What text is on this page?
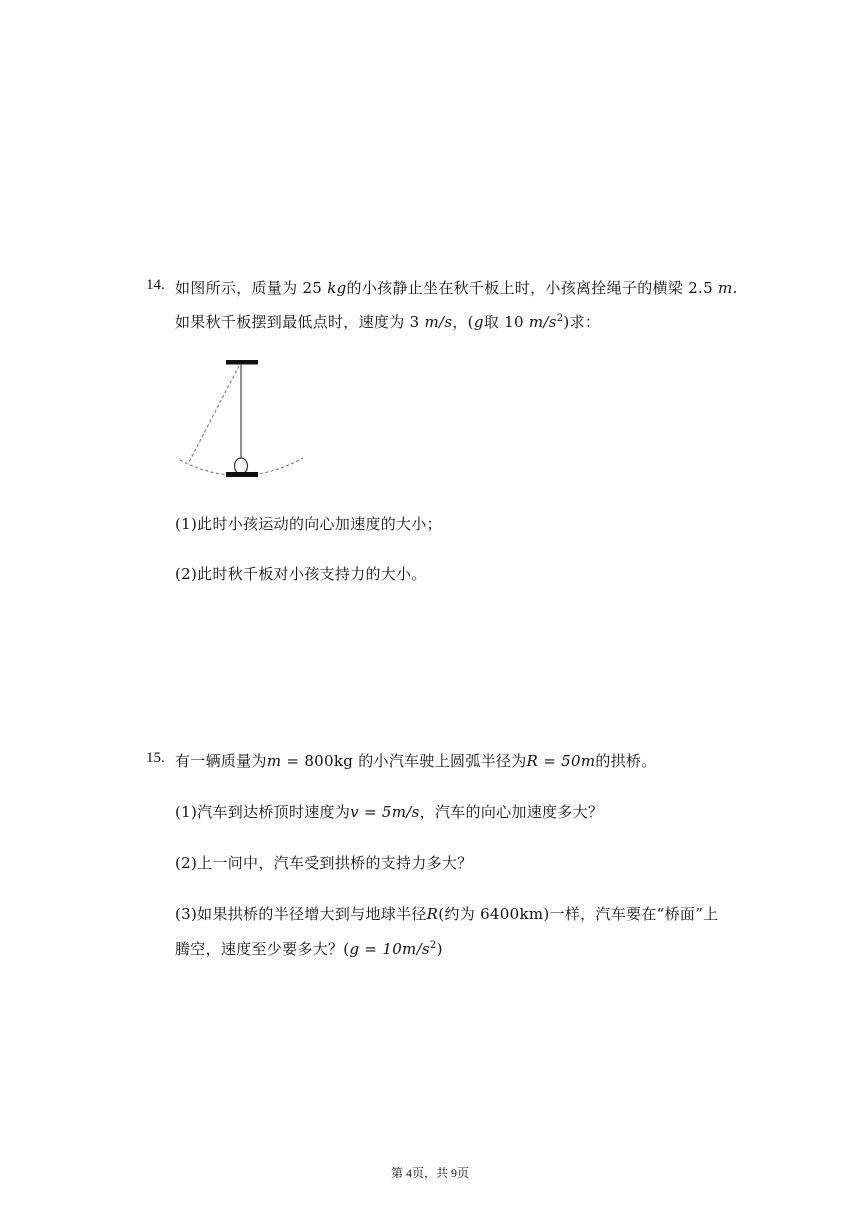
14. 如图所示，质量为 25 kg的小孩静止坐在秋千板上时，小孩离拴绳子的横梁 2.5 m.
如果秋千板摆到最低点时，速度为 3 m/s，(g取 10 $m/s^2$)求：
(1)此时小孩运动的向心加速度的大小；
(2)此时秋千板对小孩支持力的大小。
15. 有一辆质量为m = 800kg 的小汽车驶上圆弧半径为R = 50m的拱桥。
(1)汽车到达桥顶时速度为v = 5m/s，汽车的向心加速度多大？
(2)上一问中，汽车受到拱桥的支持力多大？
(3)如果拱桥的半径增大到与地球半径R(约为 6400km)一样，汽车要在“桥面”上
腾空，速度至少要多大？$(g = 10m/s^2)$
第 4页，共 9页
